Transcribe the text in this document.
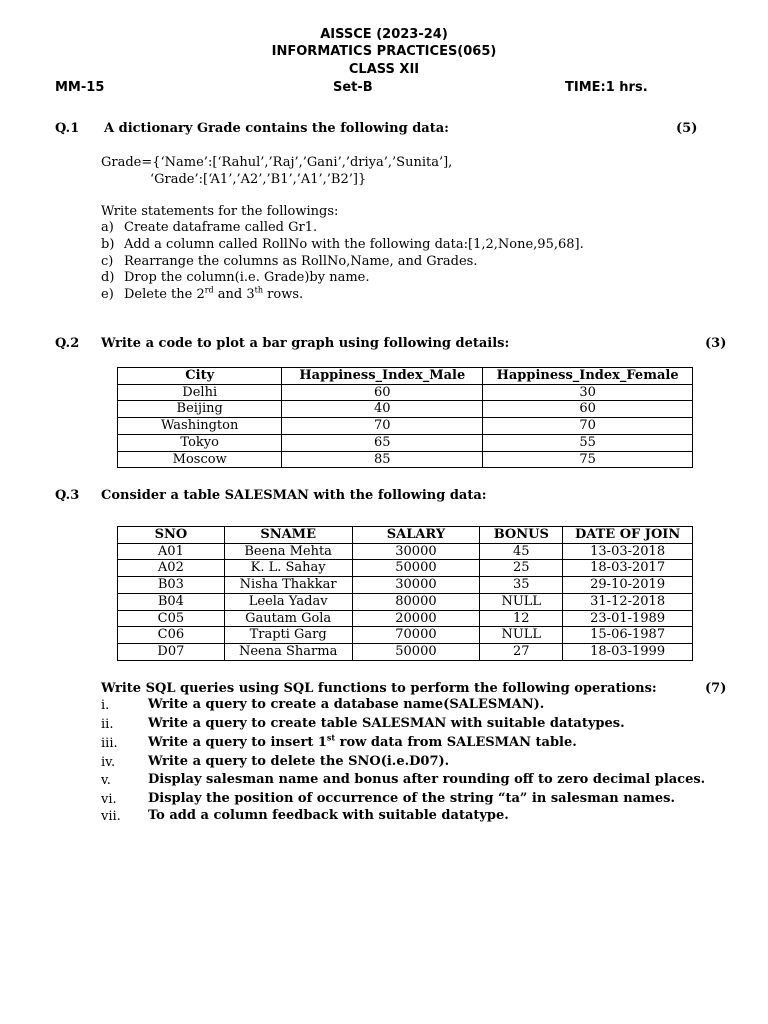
AISSCE (2023-24)
INFORMATICS PRACTICES(065)
CLASS XII
MM-15	Set-B	TIME:1 hrs.
Q.1 A dictionary Grade contains the following data:	(5)
Grade={‘Name’:[‘Rahul’,’Raj’,’Gani’,’driya’,’Sunita’],
‘Grade’:[‘A1’,’A2’,’B1’,’A1’,’B2’]}
Write statements for the followings:
a) Create dataframe called Gr1.
b) Add a column called RollNo with the following data:[1,2,None,95,68].
c) Rearrange the columns as RollNo,Name, and Grades.
d) Drop the column(i.e. Grade)by name.
e) Delete the 2rd and 3th rows.
Q.2 Write a code to plot a bar graph using following details:	(3)
City	Happiness_Index_Male	Happiness_Index_Female
Delhi	60	30
Beijing	40	60
Washington	70	70
Tokyo	65	55
Moscow	85	75
Q.3 Consider a table SALESMAN with the following data:
SNO	SNAME	SALARY	BONUS	DATE OF JOIN
A01	Beena Mehta	30000	45	13-03-2018
A02	K. L. Sahay	50000	25	18-03-2017
B03	Nisha Thakkar	30000	35	29-10-2019
B04	Leela Yadav	80000	NULL	31-12-2018
C05	Gautam Gola	20000	12	23-01-1989
C06	Trapti Garg	70000	NULL	15-06-1987
D07	Neena Sharma	50000	27	18-03-1999
Write SQL queries using SQL functions to perform the following operations:	(7)
i.	Write a query to create a database name(SALESMAN).
ii.	Write a query to create table SALESMAN with suitable datatypes.
iii. Write a query to insert 1st row data from SALESMAN table.
iv.	Write a query to delete the SNO(i.e.D07).
v.	Display salesman name and bonus after rounding off to zero decimal places.
vi. Display the position of occurrence of the string “ta” in salesman names.
vii. To add a column feedback with suitable datatype.
